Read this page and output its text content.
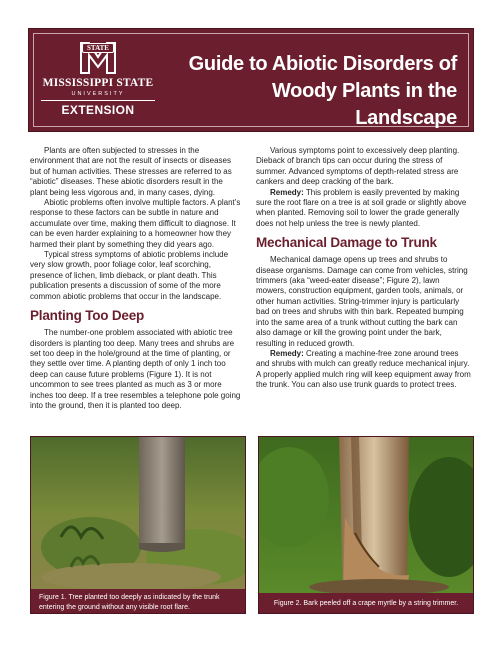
STATE
MISSISSIPPI STATE
UNIVERSITY
EXTENSION
Guide to Abiotic Disorders of
Woody Plants in the Landscape

Plants are often subjected to stresses in the environment that are not the result of insects or diseases but of human activities. These stresses are referred to as “abiotic” diseases. These abiotic disorders result in the plant being less vigorous and, in many cases, dying.

Abiotic problems often involve multiple factors. A plant’s response to these factors can be subtle in nature and accumulate over time, making them difficult to diagnose. It can be even harder explaining to a homeowner how they harmed their plant by something they did years ago.

Typical stress symptoms of abiotic problems include very slow growth, poor foliage color, leaf scorching, presence of lichen, limb dieback, or plant death. This publication presents a discussion of some of the more common abiotic problems that occur in the landscape.

Planting Too Deep

The number-one problem associated with abiotic tree disorders is planting too deep. Many trees and shrubs are set too deep in the hole/ground at the time of planting, or they settle over time. A planting depth of only 1 inch too deep can cause future problems (Figure 1). It is not uncommon to see trees planted as much as 3 or more inches too deep. If a tree resembles a telephone pole going into the ground, then it is planted too deep.

Various symptoms point to excessively deep planting. Dieback of branch tips can occur during the stress of summer. Advanced symptoms of depth-related stress are cankers and deep cracking of the bark.

Remedy: This problem is easily prevented by making sure the root flare on a tree is at soil grade or slightly above when planted. Removing soil to lower the grade generally does not help unless the tree is newly planted.

Mechanical Damage to Trunk

Mechanical damage opens up trees and shrubs to disease organisms. Damage can come from vehicles, string trimmers (aka “weed-eater disease”; Figure 2), lawn mowers, construction equipment, garden tools, animals, or other human activities. String-trimmer injury is particularly bad on trees and shrubs with thin bark. Repeated bumping into the same area of a trunk without cutting the bark can also damage or kill the growing point under the bark, resulting in reduced growth.

Remedy: Creating a machine-free zone around trees and shrubs with mulch can greatly reduce mechanical injury. A properly applied mulch ring will keep equipment away from the trunk. You can also use trunk guards to protect trees.

Figure 1. Tree planted too deeply as indicated by the trunk entering the ground without any visible root flare.
Figure 2. Bark peeled off a crape myrtle by a string trimmer.
